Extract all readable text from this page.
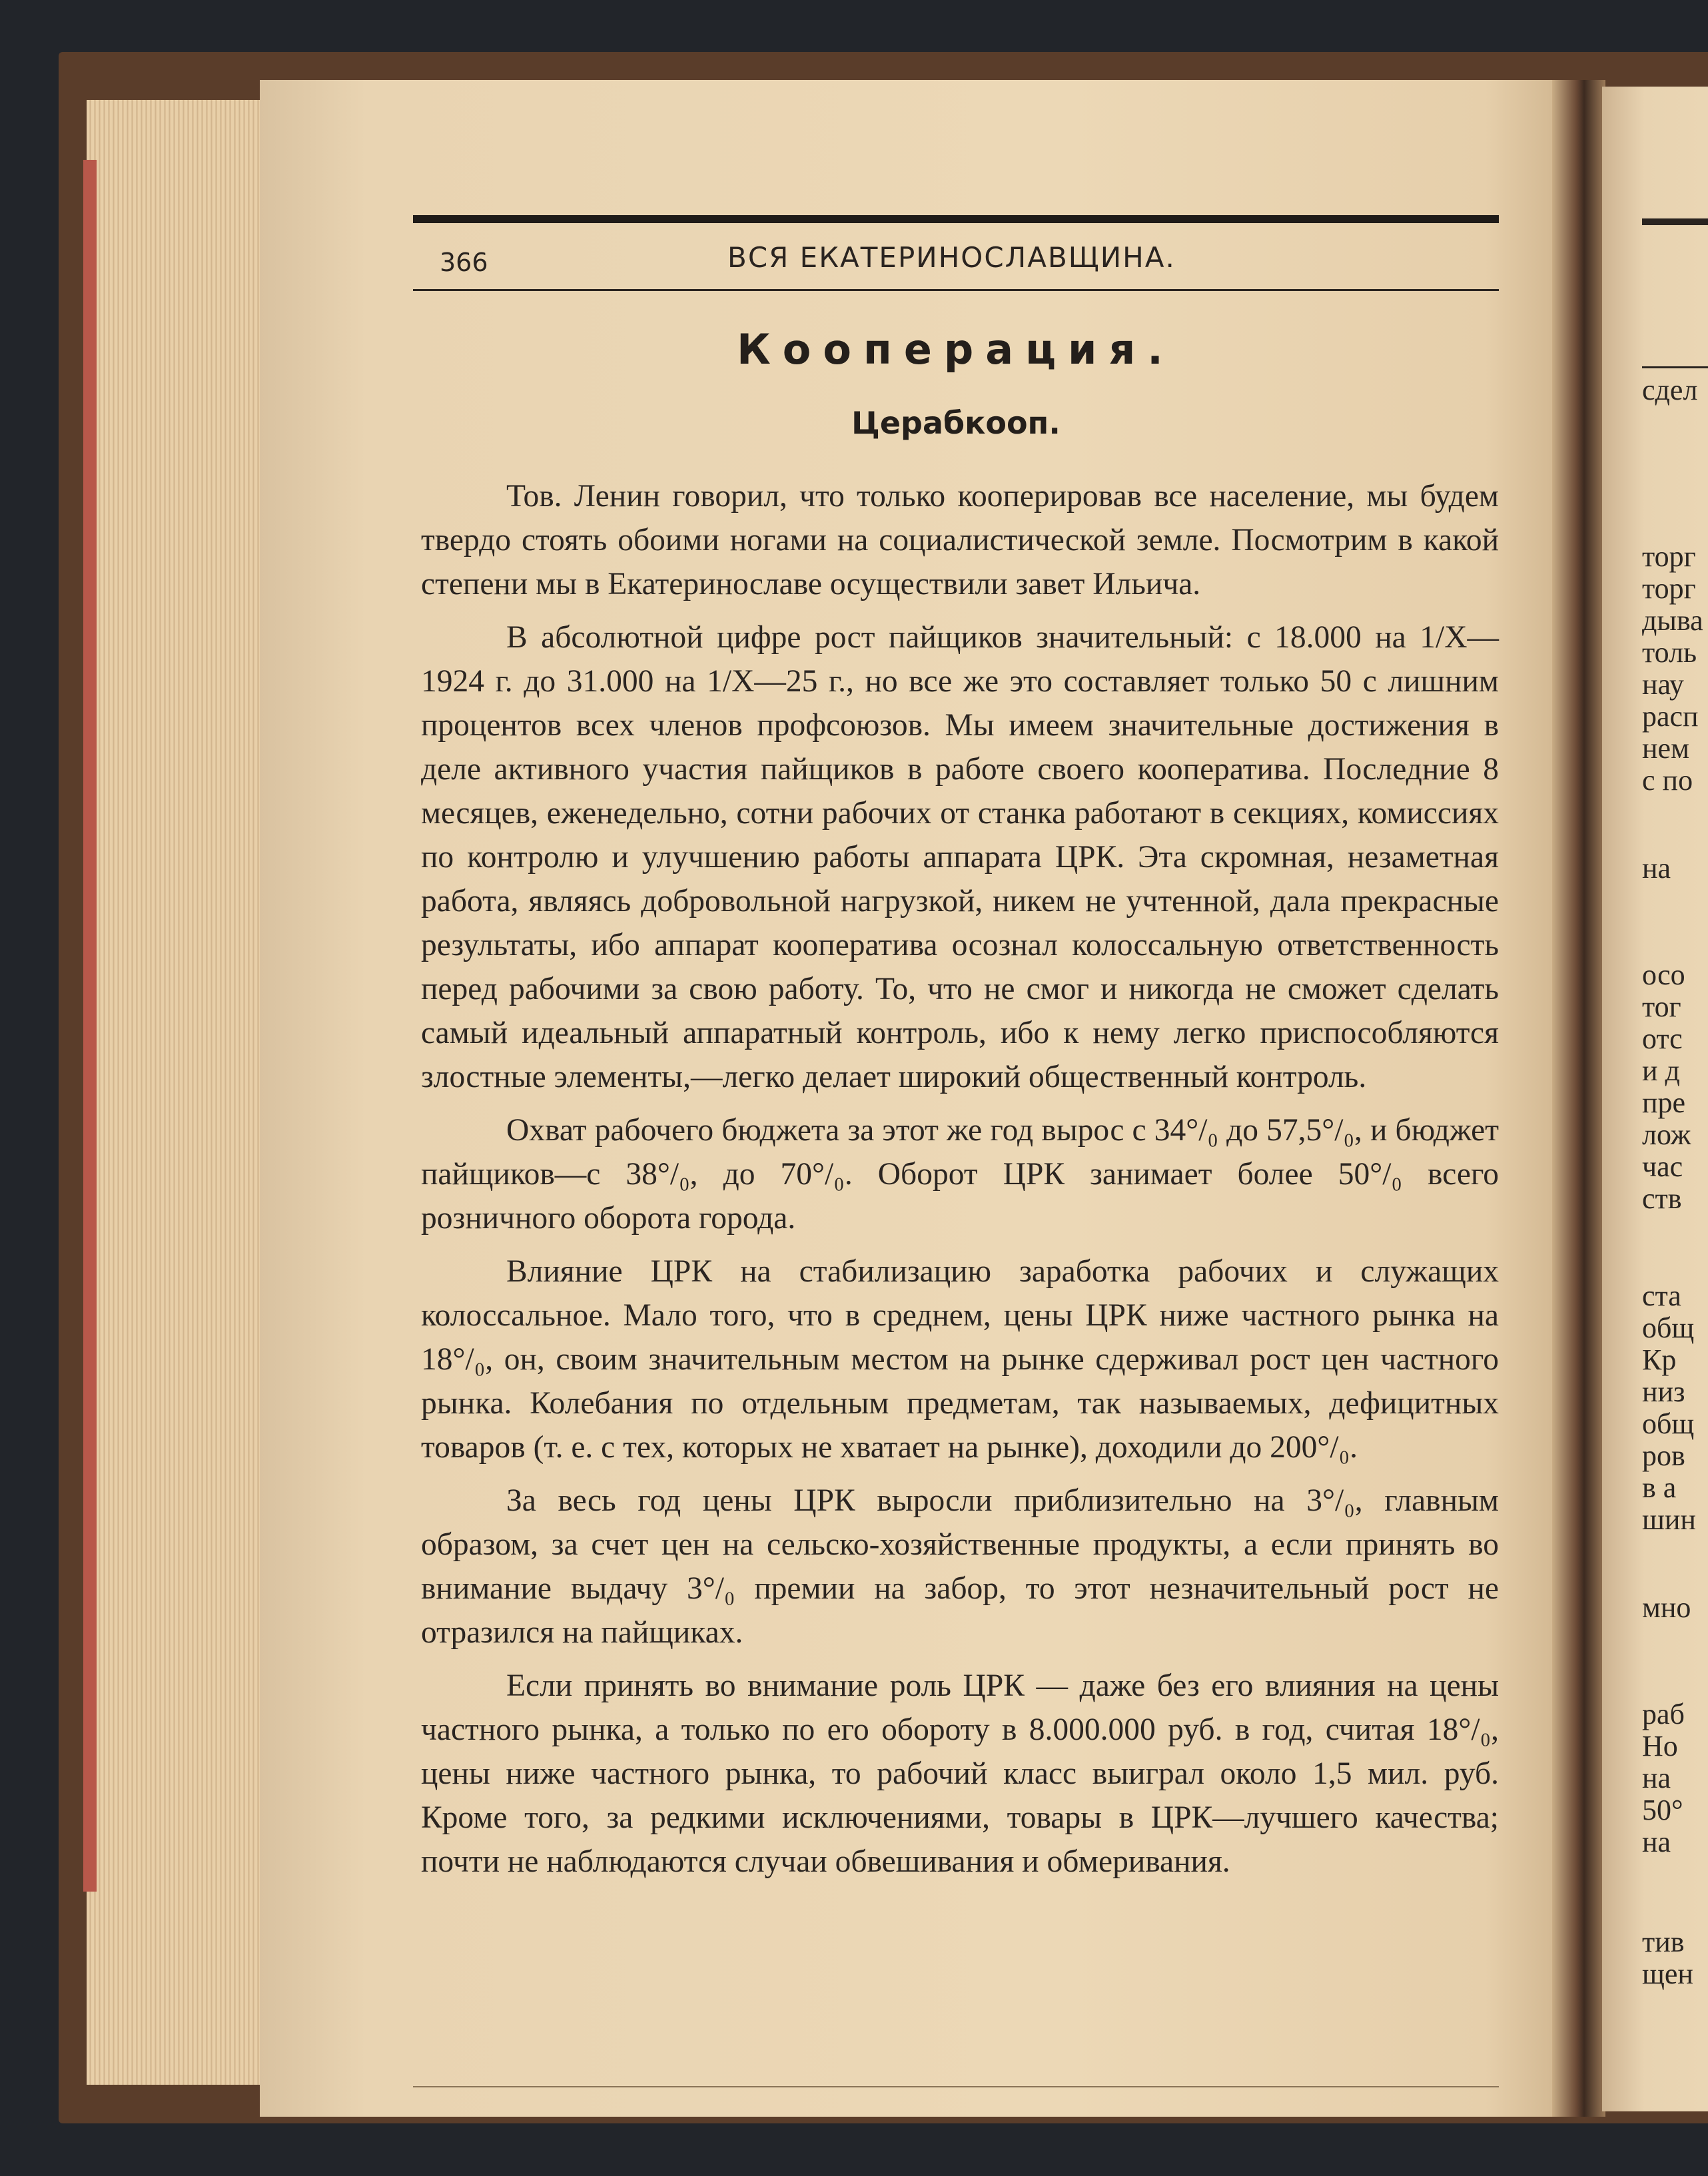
сдел
торг
торг
дыва
толь
нау
расп
нем
с по
на
осо
тог
отс
и д
пре
лож
час
ств
ста
общ
Кр
низ
общ
ров
в а
шин
мно
раб
Но
на
50°
на
тив
щен
366	ВСЯ ЕКАТЕРИНОСЛАВЩИНА.
Кооперация.
Церабкооп.

Тов. Ленин говорил, что только кооперировав все население, мы будем твердо стоять обоими ногами на социалистической земле. Посмотрим в какой степени мы в Екатеринославе осуществили завет Ильича.

В абсолютной цифре рост пайщиков значительный: с 18.000 на 1/X—1924 г. до 31.000 на 1/X—25 г., но все же это составляет только 50 с лишним процентов всех членов профсоюзов. Мы имеем значительные достижения в деле активного участия пайщиков в работе своего кооператива. Последние 8 месяцев, еженедельно, сотни рабочих от станка работают в секциях, комиссиях по контролю и улучшению работы аппарата ЦРК. Эта скромная, незаметная работа, являясь добровольной нагрузкой, никем не учтенной, дала прекрасные результаты, ибо аппарат кооператива осознал колоссальную ответственность перед рабочими за свою работу. То, что не смог и никогда не сможет сделать самый идеальный аппаратный контроль, ибо к нему легко приспособляются злостные элементы,—легко делает широкий общественный контроль.

Охват рабочего бюджета за этот же год вырос с 34°/₀ до 57,5°/₀, и бюджет пайщиков—с 38°/₀, до 70°/₀. Оборот ЦРК занимает более 50°/₀ всего розничного оборота города.

Влияние ЦРК на стабилизацию заработка рабочих и служащих колоссальное. Мало того, что в среднем, цены ЦРК ниже частного рынка на 18°/₀, он, своим значительным местом на рынке сдерживал рост цен частного рынка. Колебания по отдельным предметам, так называемых, дефицитных товаров (т. е. с тех, которых не хватает на рынке), доходили до 200°/₀.

За весь год цены ЦРК выросли приблизительно на 3°/₀, главным образом, за счет цен на сельско-хозяйственные продукты, а если принять во внимание выдачу 3°/₀ премии на забор, то этот незначительный рост не отразился на пайщиках.

Если принять во внимание роль ЦРК — даже без его влияния на цены частного рынка, а только по его обороту в 8.000.000 руб. в год, считая 18°/₀, цены ниже частного рынка, то рабочий класс выиграл около 1,5 мил. руб. Кроме того, за редкими исключениями, товары в ЦРК—лучшего качества; почти не наблюдаются случаи обвешивания и обмеривания.
